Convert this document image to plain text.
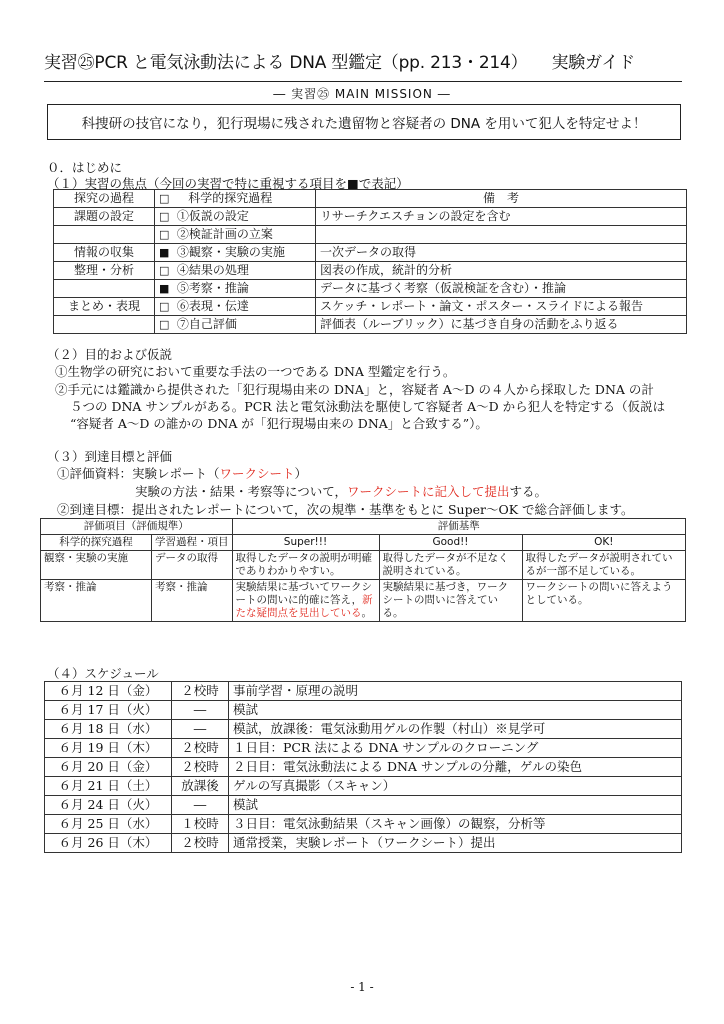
実習㉕PCR と電気泳動法による DNA 型鑑定（pp. 213・214） 実験ガイド
― 実習㉕ MAIN MISSION ―
科捜研の技官になり，犯行現場に残された遺留物と容疑者の DNA を用いて犯人を特定せよ！
０．はじめに
（１）実習の焦点（今回の実習で特に重視する項目を■で表記）
探究の過程	□ 科学的探究過程	備　考
課題の設定	□ ①仮説の設定	リサーチクエスチョンの設定を含む
	□ ②検証計画の立案	
情報の収集	■ ③観察・実験の実施	一次データの取得
整理・分析	□ ④結果の処理	図表の作成，統計的分析
	■ ⑤考察・推論	データに基づく考察（仮説検証を含む）・推論
まとめ・表現	□ ⑥表現・伝達	スケッチ・レポート・論文・ポスター・スライドによる報告
	□ ⑦自己評価	評価表（ルーブリック）に基づき自身の活動をふり返る
（２）目的および仮説
①生物学の研究において重要な手法の一つである DNA 型鑑定を行う。
②手元には鑑識から提供された「犯行現場由来の DNA」と，容疑者 A～D の４人から採取した DNA の計
５つの DNA サンプルがある。PCR 法と電気泳動法を駆使して容疑者 A～D から犯人を特定する（仮説は
“容疑者 A～D の誰かの DNA が「犯行現場由来の DNA」と合致する”）。
（３）到達目標と評価
①評価資料：実験レポート（ワークシート）
実験の方法・結果・考察等について，ワークシートに記入して提出する。
②到達目標：提出されたレポートについて，次の規準・基準をもとに Super～OK で総合評価します。
評価項目（評価規準）		評価基準		
科学的探究過程	学習過程・項目	Super!!!	Good!!	OK!
観察・実験の実施	データの取得	取得したデータの説明が明確でありわかりやすい。	取得したデータが不足なく説明されている。	取得したデータが説明されているが一部不足している。
考察・推論	考察・推論	実験結果に基づいてワークシートの問いに的確に答え，新たな疑問点を見出している。	実験結果に基づき，ワークシートの問いに答えている。	ワークシートの問いに答えようとしている。
（４）スケジュール
６月 12 日（金）	２校時	事前学習・原理の説明
６月 17 日（火）	―	模試
６月 18 日（水）	―	模試，放課後：電気泳動用ゲルの作製（村山）※見学可
６月 19 日（木）	２校時	１日目：PCR 法による DNA サンプルのクローニング
６月 20 日（金）	２校時	２日目：電気泳動法による DNA サンプルの分離，ゲルの染色
６月 21 日（土）	放課後	ゲルの写真撮影（スキャン）
６月 24 日（火）	―	模試
６月 25 日（水）	１校時	３日目：電気泳動結果（スキャン画像）の観察，分析等
６月 26 日（木）	２校時	通常授業，実験レポート（ワークシート）提出
- 1 -
